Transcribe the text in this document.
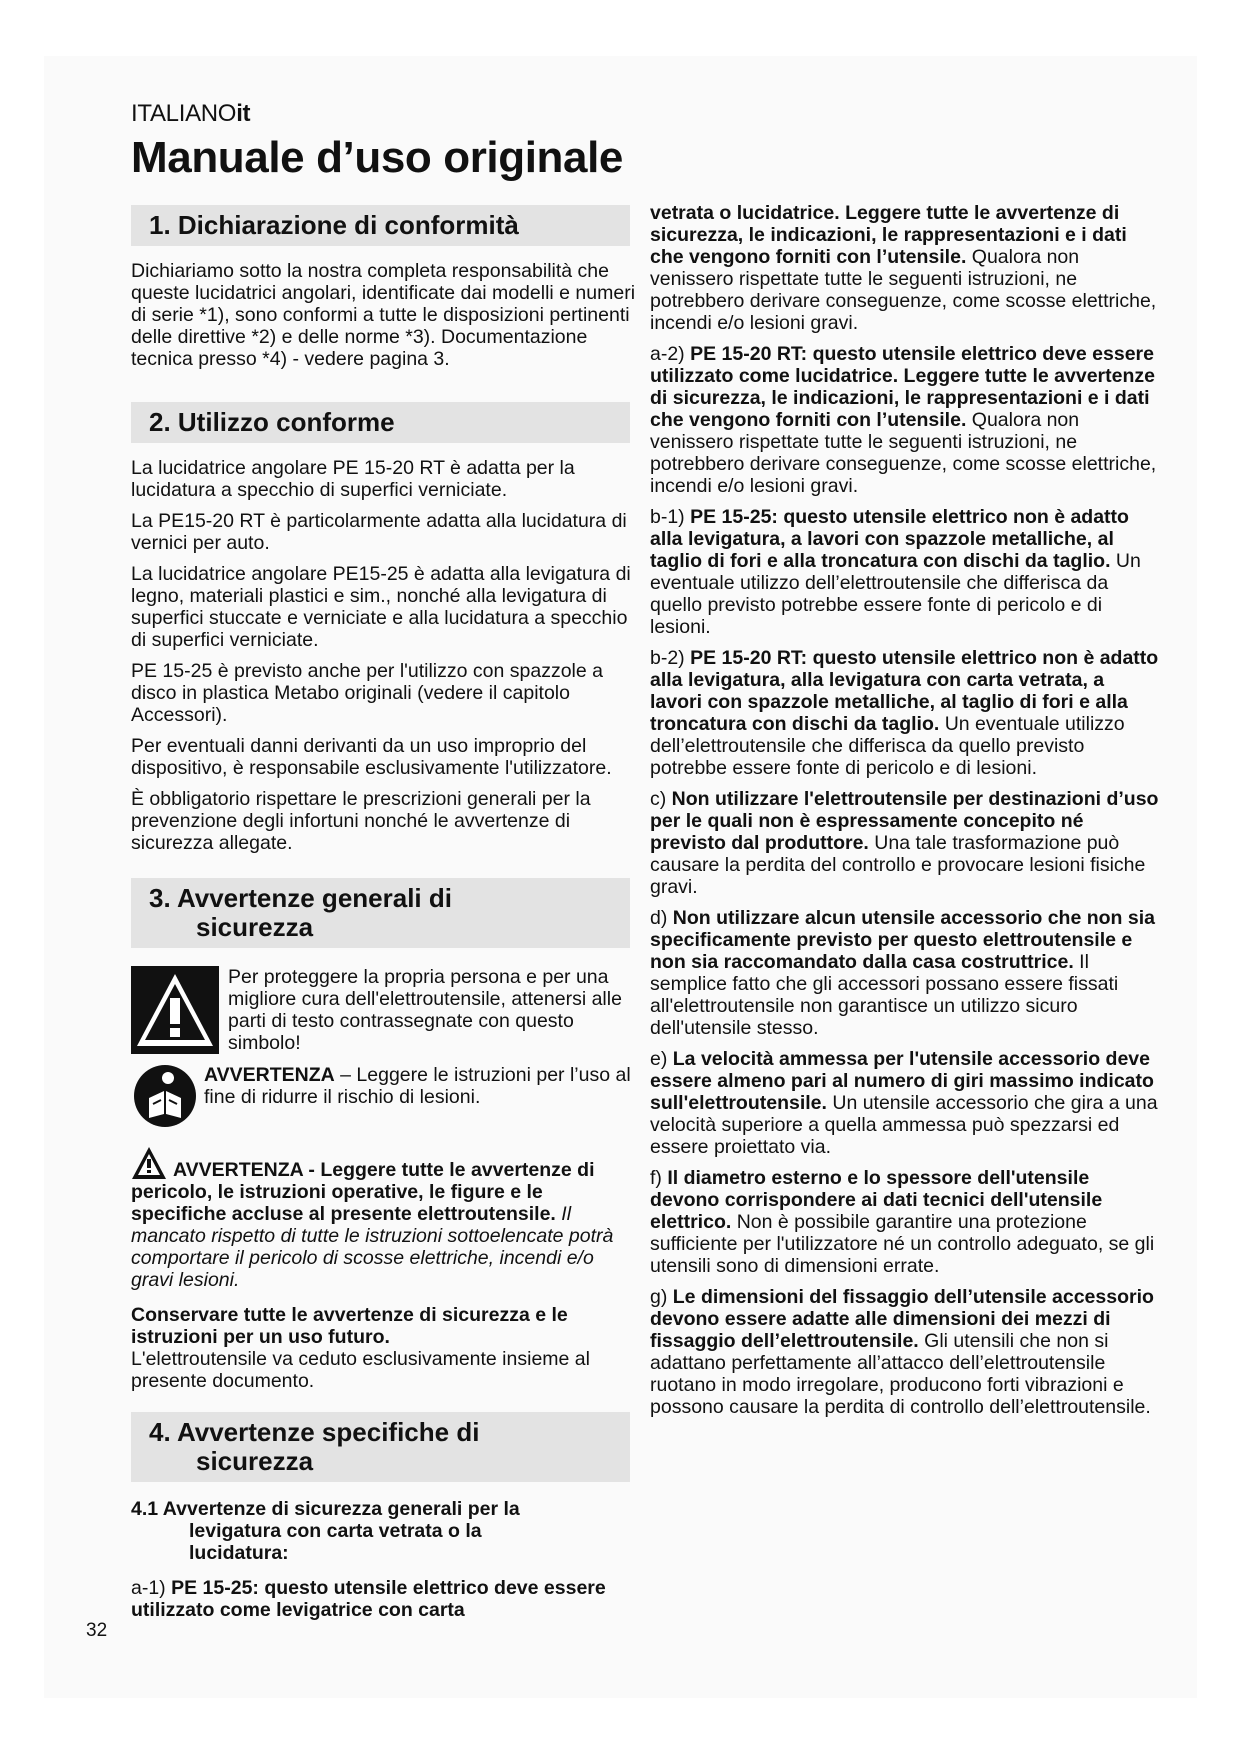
ITALIANOit
Manuale d’uso originale
1. Dichiarazione di conformità

Dichiariamo sotto la nostra completa responsabilità che queste lucidatrici angolari, identificate dai modelli e numeri di serie *1), sono conformi a tutte le disposizioni pertinenti delle direttive *2) e delle norme *3). Documentazione tecnica presso *4) - vedere pagina 3.

2. Utilizzo conforme

La lucidatrice angolare PE 15-20 RT è adatta per la lucidatura a specchio di superfici verniciate.

La PE15-20 RT è particolarmente adatta alla lucidatura di vernici per auto.

La lucidatrice angolare PE15-25 è adatta alla levigatura di legno, materiali plastici e sim., nonché alla levigatura di superfici stuccate e verniciate e alla lucidatura a specchio di superfici verniciate.

PE 15-25 è previsto anche per l'utilizzo con spazzole a disco in plastica Metabo originali (vedere il capitolo Accessori).

Per eventuali danni derivanti da un uso improprio del dispositivo, è responsabile esclusivamente l'utilizzatore.

È obbligatorio rispettare le prescrizioni generali per la prevenzione degli infortuni nonché le avvertenze di sicurezza allegate.

3. Avvertenze generali di
sicurezza

Per proteggere la propria persona e per una migliore cura dell'elettroutensile, attenersi alle parti di testo contrassegnate con questo simbolo!

AVVERTENZA – Leggere le istruzioni per l’uso al fine di ridurre il rischio di lesioni.

AVVERTENZA - Leggere tutte le avvertenze di pericolo, le istruzioni operative, le figure e le specifiche accluse al presente elettroutensile. Il mancato rispetto di tutte le istruzioni sottoelencate potrà comportare il pericolo di scosse elettriche, incendi e/o gravi lesioni.

Conservare tutte le avvertenze di sicurezza e le istruzioni per un uso futuro.
L'elettroutensile va ceduto esclusivamente insieme al presente documento.

4. Avvertenze specifiche di
sicurezza

4.1 Avvertenze di sicurezza generali per la
levigatura con carta vetrata o la
lucidatura:

a-1) PE 15-25: questo utensile elettrico deve essere utilizzato come levigatrice con carta

vetrata o lucidatrice. Leggere tutte le avvertenze di sicurezza, le indicazioni, le rappresentazioni e i dati che vengono forniti con l’utensile. Qualora non venissero rispettate tutte le seguenti istruzioni, ne potrebbero derivare conseguenze, come scosse elettriche, incendi e/o lesioni gravi.

a-2) PE 15-20 RT: questo utensile elettrico deve essere utilizzato come lucidatrice. Leggere tutte le avvertenze di sicurezza, le indicazioni, le rappresentazioni e i dati che vengono forniti con l’utensile. Qualora non venissero rispettate tutte le seguenti istruzioni, ne potrebbero derivare conseguenze, come scosse elettriche, incendi e/o lesioni gravi.

b-1) PE 15-25: questo utensile elettrico non è adatto alla levigatura, a lavori con spazzole metalliche, al taglio di fori e alla troncatura con dischi da taglio. Un eventuale utilizzo dell’elettroutensile che differisca da quello previsto potrebbe essere fonte di pericolo e di lesioni.

b-2) PE 15-20 RT: questo utensile elettrico non è adatto alla levigatura, alla levigatura con carta vetrata, a lavori con spazzole metalliche, al taglio di fori e alla troncatura con dischi da taglio. Un eventuale utilizzo dell’elettroutensile che differisca da quello previsto potrebbe essere fonte di pericolo e di lesioni.

c) Non utilizzare l'elettroutensile per destinazioni d’uso per le quali non è espressamente concepito né previsto dal produttore. Una tale trasformazione può causare la perdita del controllo e provocare lesioni fisiche gravi.

d) Non utilizzare alcun utensile accessorio che non sia specificamente previsto per questo elettroutensile e non sia raccomandato dalla casa costruttrice. Il semplice fatto che gli accessori possano essere fissati all'elettroutensile non garantisce un utilizzo sicuro dell'utensile stesso.

e) La velocità ammessa per l'utensile accessorio deve essere almeno pari al numero di giri massimo indicato sull'elettroutensile. Un utensile accessorio che gira a una velocità superiore a quella ammessa può spezzarsi ed essere proiettato via.

f) Il diametro esterno e lo spessore dell'utensile devono corrispondere ai dati tecnici dell'utensile elettrico. Non è possibile garantire una protezione sufficiente per l'utilizzatore né un controllo adeguato, se gli utensili sono di dimensioni errate.

g) Le dimensioni del fissaggio dell’utensile accessorio devono essere adatte alle dimensioni dei mezzi di fissaggio dell’elettroutensile. Gli utensili che non si adattano perfettamente all’attacco dell’elettroutensile ruotano in modo irregolare, producono forti vibrazioni e possono causare la perdita di controllo dell’elettroutensile.

32
